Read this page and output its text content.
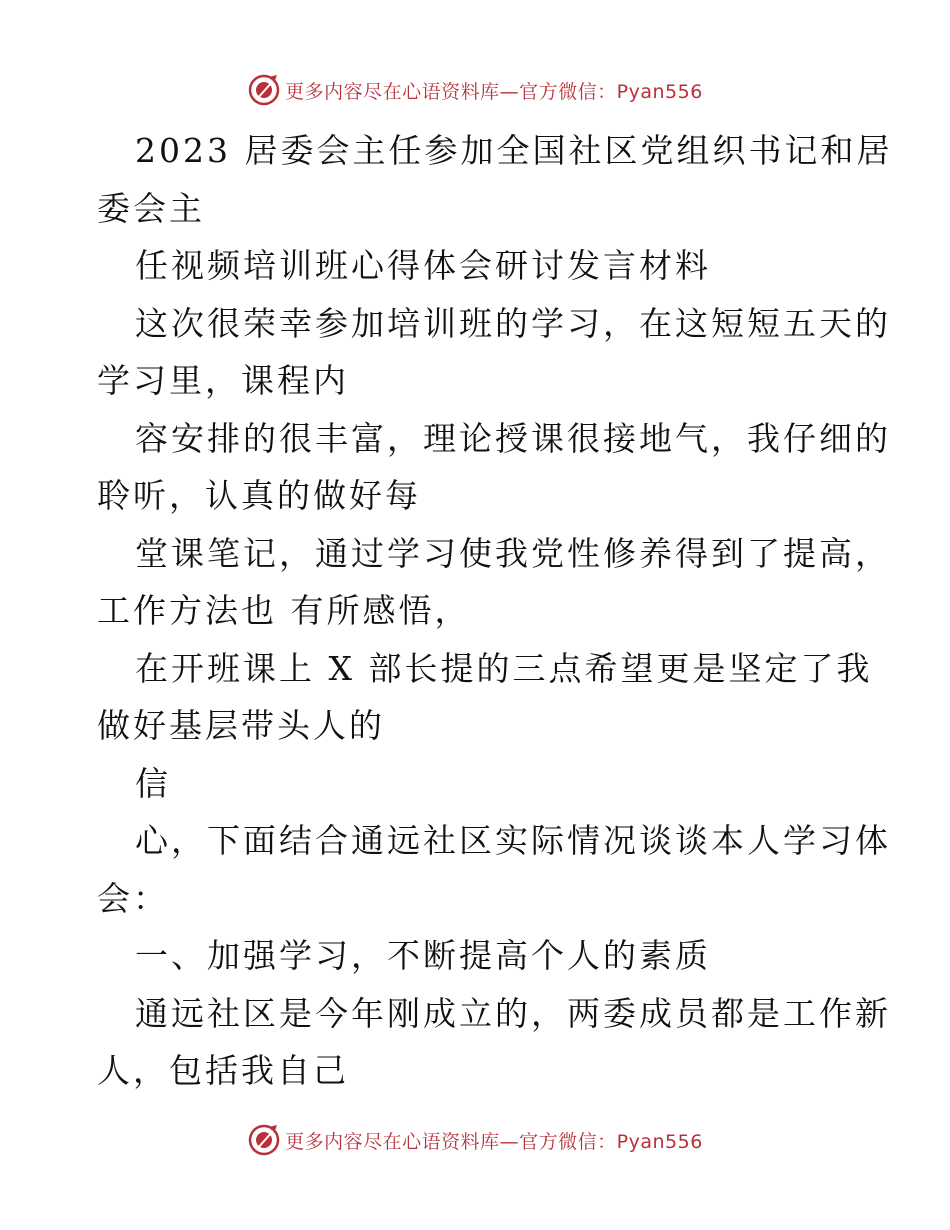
更多内容尽在心语资料库—官方微信：Pyan556
2023 居委会主任参加全国社区党组织书记和居
委会主
任视频培训班心得体会研讨发言材料
这次很荣幸参加培训班的学习，在这短短五天的
学习里，课程内
容安排的很丰富，理论授课很接地气，我仔细的
聆听，认真的做好每
堂课笔记，通过学习使我党性修养得到了提高，
工作方法也 有所感悟，
在开班课上 X 部长提的三点希望更是坚定了我
做好基层带头人的
信
心，下面结合通远社区实际情况谈谈本人学习体
会：
一、加强学习，不断提高个人的素质
通远社区是今年刚成立的，两委成员都是工作新
人，包括我自己
更多内容尽在心语资料库—官方微信：Pyan556
